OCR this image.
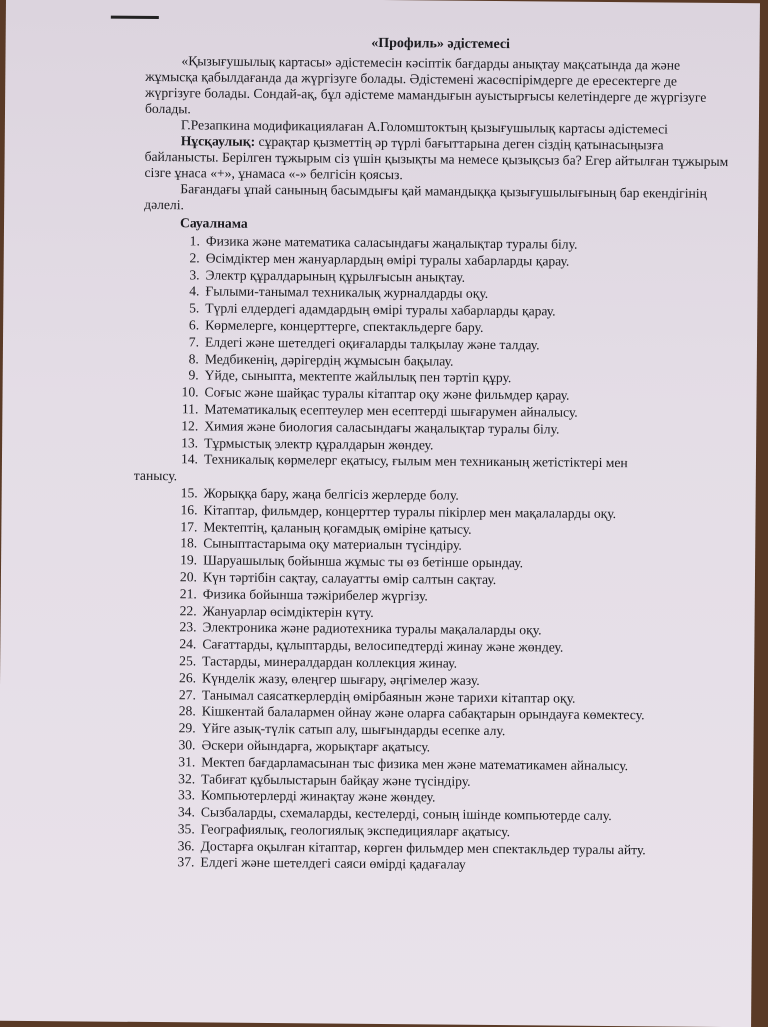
«Профиль» әдістемесі

«Қызығушылық картасы» әдістемесін кәсіптік бағдарды анықтау мақсатында да және жұмысқа қабылдағанда да жүргізуге болады. Әдістемені жасөспірімдерге де ересектерге де жүргізуге болады. Сондай-ақ, бұл әдістеме мамандығын ауыстырғысы келетіндерге де жүргізуге болады.

Г.Резапкина модификациялаған А.Голомштоктың қызығушылық картасы әдістемесі

Нұсқаулық: сұрақтар қызметтің әр түрлі бағыттарына деген сіздің қатынасыңызға байланысты. Берілген тұжырым сіз үшін қызықты ма немесе қызықсыз ба? Егер айтылған тұжырым сізге ұнаса «+», ұнамаса «-» белгісін қоясыз.

Бағандағы ұпай санының басымдығы қай мамандыққа қызығушылығының бар екендігінің дәлелі.

Сауалнама

1. Физика және математика саласындағы жаңалықтар туралы білу.
2. Өсімдіктер мен жануарлардың өмірі туралы хабарларды қарау.
3. Электр құралдарының құрылғысын анықтау.
4. Ғылыми-танымал техникалық журналдарды оқу.
5. Түрлі елдердегі адамдардың өмірі туралы хабарларды қарау.
6. Көрмелерге, концерттерге, спектакльдерге бару.
7. Елдегі және шетелдегі оқиғаларды талқылау және талдау.
8. Медбикенің, дәрігердің жұмысын бақылау.
9. Үйде, сыныпта, мектепте жайлылық пен тәртіп құру.
10. Соғыс және шайқас туралы кітаптар оқу және фильмдер қарау.
11. Математикалық есептеулер мен есептерді шығарумен айналысу.
12. Химия және биология саласындағы жаңалықтар туралы білу.
13. Тұрмыстық электр құралдарын жөндеу.
14. Техникалық көрмелерг еқатысу, ғылым мен техниканың жетістіктері мен
танысу.
15. Жорыққа бару, жаңа белгісіз жерлерде болу.
16. Кітаптар, фильмдер, концерттер туралы пікірлер мен мақалаларды оқу.
17. Мектептің, қаланың қоғамдық өміріне қатысу.
18. Сыныптастарыма оқу материалын түсіндіру.
19. Шаруашылық бойынша жұмыс ты өз бетінше орындау.
20. Күн тәртібін сақтау, салауатты өмір салтын сақтау.
21. Физика бойынша тәжірибелер жүргізу.
22. Жануарлар өсімдіктерін күту.
23. Электроника және радиотехника туралы мақалаларды оқу.
24. Сағаттарды, құлыптарды, велосипедтерді жинау және жөндеу.
25. Тастарды, минералдардан коллекция жинау.
26. Күнделік жазу, өлеңгер шығару, әңгімелер жазу.
27. Танымал саясаткерлердің өмірбаянын және тарихи кітаптар оқу.
28. Кішкентай балалармен ойнау және оларға сабақтарын орындауға көмектесу.
29. Үйге азық-түлік сатып алу, шығындарды есепке алу.
30. Әскери ойындарға, жорықтарғ ақатысу.
31. Мектеп бағдарламасынан тыс физика мен және математикамен айналысу.
32. Табиғат құбылыстарын байқау және түсіндіру.
33. Компьютерлерді жинақтау және жөндеу.
34. Сызбаларды, схемаларды, кестелерді, соның ішінде компьютерде салу.
35. Географиялық, геологиялық экспедицияларғ ақатысу.
36. Достарға оқылған кітаптар, көрген фильмдер мен спектакльдер туралы айту.
37. Елдегі және шетелдегі саяси өмірді қадағалау
